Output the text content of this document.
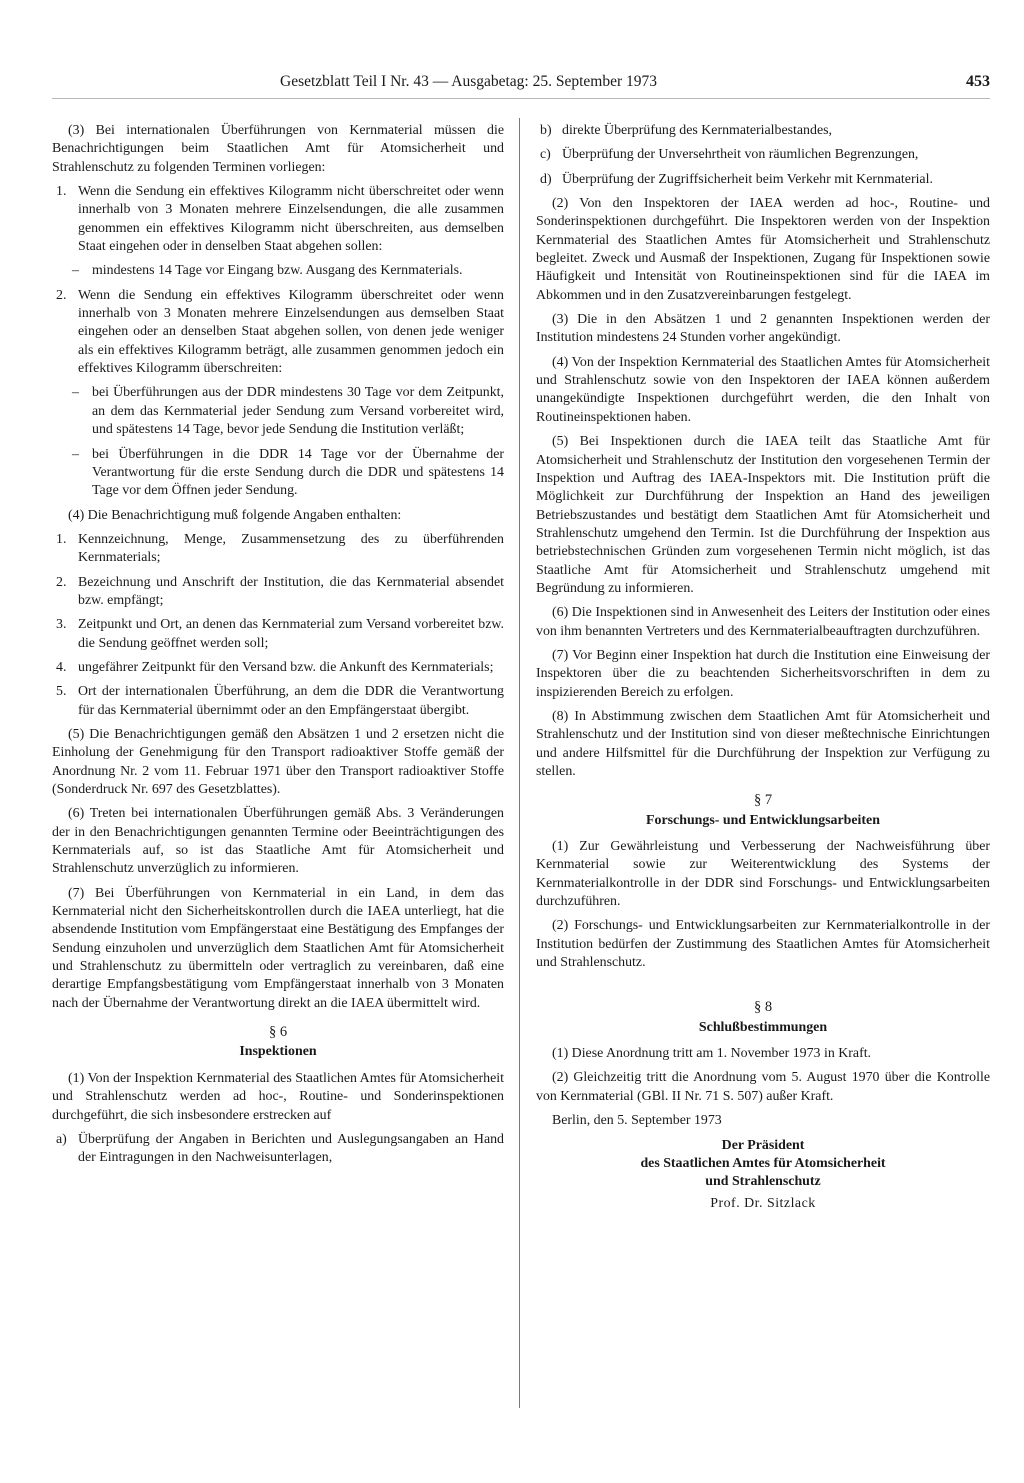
Gesetzblatt Teil I Nr. 43 — Ausgabetag: 25. September 1973	453

(3) Bei internationalen Überführungen von Kernmaterial müssen die Benachrichtigungen beim Staatlichen Amt für Atomsicherheit und Strahlenschutz zu folgenden Terminen vorliegen:

1. Wenn die Sendung ein effektives Kilogramm nicht überschreitet oder wenn innerhalb von 3 Monaten mehrere Einzelsendungen, die alle zusammen genommen ein effektives Kilogramm nicht überschreiten, aus demselben Staat eingehen oder in denselben Staat abgehen sollen:
– mindestens 14 Tage vor Eingang bzw. Ausgang des Kernmaterials.
2. Wenn die Sendung ein effektives Kilogramm überschreitet oder wenn innerhalb von 3 Monaten mehrere Einzelsendungen aus demselben Staat eingehen oder an denselben Staat abgehen sollen, von denen jede weniger als ein effektives Kilogramm beträgt, alle zusammen genommen jedoch ein effektives Kilogramm überschreiten:
– bei Überführungen aus der DDR mindestens 30 Tage vor dem Zeitpunkt, an dem das Kernmaterial jeder Sendung zum Versand vorbereitet wird, und spätestens 14 Tage, bevor jede Sendung die Institution verläßt;
– bei Überführungen in die DDR 14 Tage vor der Übernahme der Verantwortung für die erste Sendung durch die DDR und spätestens 14 Tage vor dem Öffnen jeder Sendung.

(4) Die Benachrichtigung muß folgende Angaben enthalten:

1. Kennzeichnung, Menge, Zusammensetzung des zu überführenden Kernmaterials;
2. Bezeichnung und Anschrift der Institution, die das Kernmaterial absendet bzw. empfängt;
3. Zeitpunkt und Ort, an denen das Kernmaterial zum Versand vorbereitet bzw. die Sendung geöffnet werden soll;
4. ungefährer Zeitpunkt für den Versand bzw. die Ankunft des Kernmaterials;
5. Ort der internationalen Überführung, an dem die DDR die Verantwortung für das Kernmaterial übernimmt oder an den Empfängerstaat übergibt.

(5) Die Benachrichtigungen gemäß den Absätzen 1 und 2 ersetzen nicht die Einholung der Genehmigung für den Transport radioaktiver Stoffe gemäß der Anordnung Nr. 2 vom 11. Februar 1971 über den Transport radioaktiver Stoffe (Sonderdruck Nr. 697 des Gesetzblattes).

(6) Treten bei internationalen Überführungen gemäß Abs. 3 Veränderungen der in den Benachrichtigungen genannten Termine oder Beeinträchtigungen des Kernmaterials auf, so ist das Staatliche Amt für Atomsicherheit und Strahlenschutz unverzüglich zu informieren.

(7) Bei Überführungen von Kernmaterial in ein Land, in dem das Kernmaterial nicht den Sicherheitskontrollen durch die IAEA unterliegt, hat die absendende Institution vom Empfängerstaat eine Bestätigung des Empfanges der Sendung einzuholen und unverzüglich dem Staatlichen Amt für Atomsicherheit und Strahlenschutz zu übermitteln oder vertraglich zu vereinbaren, daß eine derartige Empfangsbestätigung vom Empfängerstaat innerhalb von 3 Monaten nach der Übernahme der Verantwortung direkt an die IAEA übermittelt wird.

§ 6
Inspektionen

(1) Von der Inspektion Kernmaterial des Staatlichen Amtes für Atomsicherheit und Strahlenschutz werden ad hoc-, Routine- und Sonderinspektionen durchgeführt, die sich insbesondere erstrecken auf

a) Überprüfung der Angaben in Berichten und Auslegungsangaben an Hand der Eintragungen in den Nachweisunterlagen,
b) direkte Überprüfung des Kernmaterialbestandes,
c) Überprüfung der Unversehrtheit von räumlichen Begrenzungen,
d) Überprüfung der Zugriffsicherheit beim Verkehr mit Kernmaterial.

(2) Von den Inspektoren der IAEA werden ad hoc-, Routine- und Sonderinspektionen durchgeführt. Die Inspektoren werden von der Inspektion Kernmaterial des Staatlichen Amtes für Atomsicherheit und Strahlenschutz begleitet. Zweck und Ausmaß der Inspektionen, Zugang für Inspektionen sowie Häufigkeit und Intensität von Routineinspektionen sind für die IAEA im Abkommen und in den Zusatzvereinbarungen festgelegt.

(3) Die in den Absätzen 1 und 2 genannten Inspektionen werden der Institution mindestens 24 Stunden vorher angekündigt.

(4) Von der Inspektion Kernmaterial des Staatlichen Amtes für Atomsicherheit und Strahlenschutz sowie von den Inspektoren der IAEA können außerdem unangekündigte Inspektionen durchgeführt werden, die den Inhalt von Routineinspektionen haben.

(5) Bei Inspektionen durch die IAEA teilt das Staatliche Amt für Atomsicherheit und Strahlenschutz der Institution den vorgesehenen Termin der Inspektion und Auftrag des IAEA-Inspektors mit. Die Institution prüft die Möglichkeit zur Durchführung der Inspektion an Hand des jeweiligen Betriebszustandes und bestätigt dem Staatlichen Amt für Atomsicherheit und Strahlenschutz umgehend den Termin. Ist die Durchführung der Inspektion aus betriebstechnischen Gründen zum vorgesehenen Termin nicht möglich, ist das Staatliche Amt für Atomsicherheit und Strahlenschutz umgehend mit Begründung zu informieren.

(6) Die Inspektionen sind in Anwesenheit des Leiters der Institution oder eines von ihm benannten Vertreters und des Kernmaterialbeauftragten durchzuführen.

(7) Vor Beginn einer Inspektion hat durch die Institution eine Einweisung der Inspektoren über die zu beachtenden Sicherheitsvorschriften in dem zu inspizierenden Bereich zu erfolgen.

(8) In Abstimmung zwischen dem Staatlichen Amt für Atomsicherheit und Strahlenschutz und der Institution sind von dieser meßtechnische Einrichtungen und andere Hilfsmittel für die Durchführung der Inspektion zur Verfügung zu stellen.

§ 7
Forschungs- und Entwicklungsarbeiten

(1) Zur Gewährleistung und Verbesserung der Nachweisführung über Kernmaterial sowie zur Weiterentwicklung des Systems der Kernmaterialkontrolle in der DDR sind Forschungs- und Entwicklungsarbeiten durchzuführen.

(2) Forschungs- und Entwicklungsarbeiten zur Kernmaterialkontrolle in der Institution bedürfen der Zustimmung des Staatlichen Amtes für Atomsicherheit und Strahlenschutz.

§ 8
Schlußbestimmungen

(1) Diese Anordnung tritt am 1. November 1973 in Kraft.

(2) Gleichzeitig tritt die Anordnung vom 5. August 1970 über die Kontrolle von Kernmaterial (GBl. II Nr. 71 S. 507) außer Kraft.

Berlin, den 5. September 1973

Der Präsident
des Staatlichen Amtes für Atomsicherheit
und Strahlenschutz
Prof. Dr. Sitzlack
